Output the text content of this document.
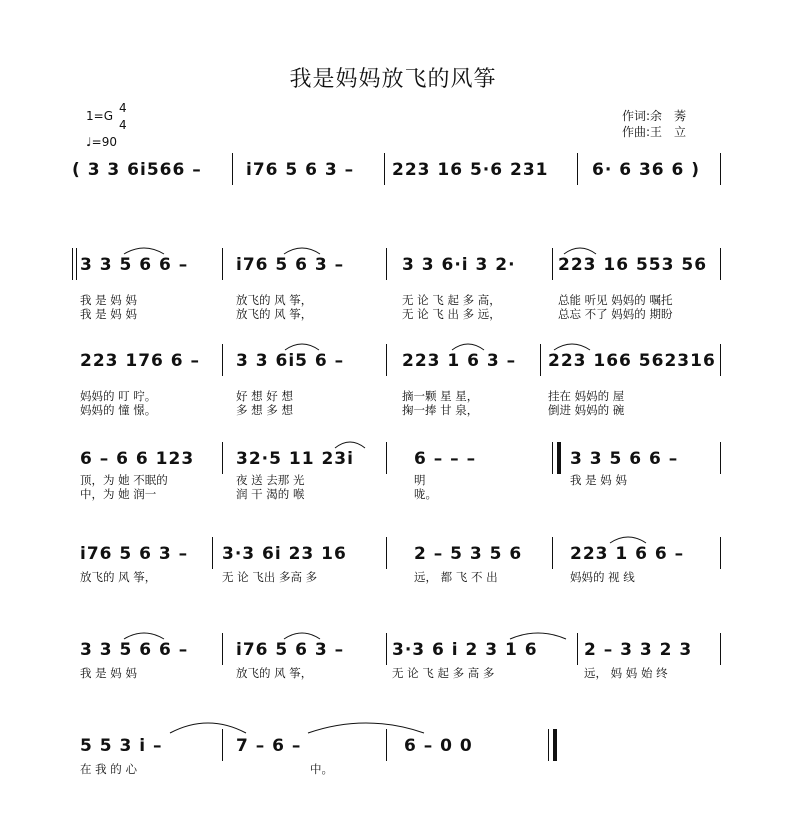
我是妈妈放飞的风筝
1=G
4
4
♩=90
作词:余　莠
作曲:王　立
( 3 3 6i566 –	i76 5 6 3 – 223 16 5·6 231	6· 6 36 6 )
3 3 5 6 6 –	i76 5 6 3 –	3 3 6·i 3 2· 223 16 553 56
我 是 妈 妈	放飞的 风 筝，	无 论 飞 起 多 高，	总能 听见 妈妈的 嘱托
我 是 妈 妈	放飞的 风 筝，	无 论 飞 出 多 远，	总忘 不了 妈妈的 期盼
223 176 6 – 3 3 6i5 6 –	223 1 6 3 – 223 166 562316
妈妈的 叮 咛。	好 想 好 想	摘一颗 星 星，	挂在 妈妈的 屋
妈妈的 憧 憬。	多 想 多 想	掬一捧 甘 泉，	倒进 妈妈的 碗
6 – 6 6 123 32·5 11 23i	6 – – –	3 3 5 6 6 –
顶，为 她 不眠的	夜 送 去那 光	明	我 是 妈 妈
中，为 她 润一	润 干 渴的 喉	咙。
i76 5 6 3 – 3·3 6i 23 16	2 – 5 3 5 6	223 1 6 6 –
放飞的 风 筝，	无 论 飞出 多高 多	远， 都 飞 不 出	妈妈的 视 线
3 3 5 6 6 –	i76 5 6 3 –	3·3 6 i 2 3 1 6	2 – 3 3 2 3
我 是 妈 妈	放飞的 风 筝，	无 论 飞 起 多 高 多	远， 妈 妈 始 终
5 5 3 i –	7 – 6 –	6 – 0 0
在 我 的 心	中。
